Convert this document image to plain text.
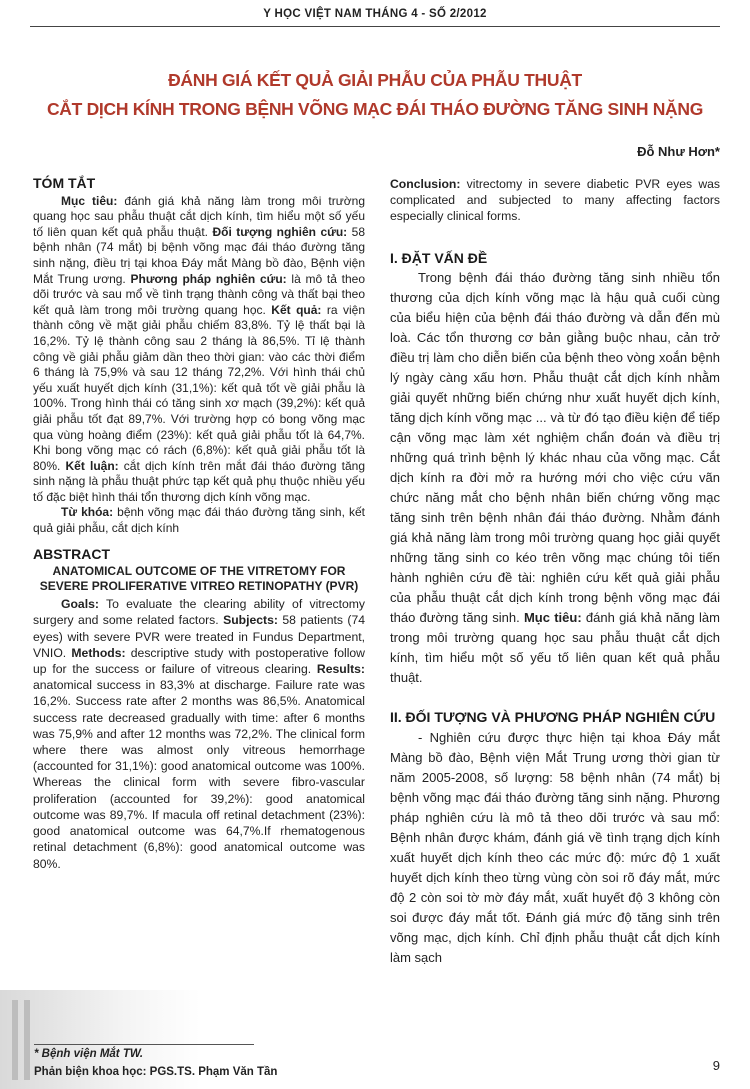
Y HỌC VIỆT NAM THÁNG 4 - SỐ 2/2012
ĐÁNH GIÁ KẾT QUẢ GIẢI PHẪU CỦA PHẪU THUẬT
CẮT DỊCH KÍNH TRONG BỆNH VÕNG MẠC ĐÁI THÁO ĐƯỜNG TĂNG SINH NẶNG
Đỗ Như Hơn*
TÓM TẮT

Mục tiêu: đánh giá khả năng làm trong môi trường quang học sau phẫu thuật cắt dịch kính, tìm hiểu một số yếu tố liên quan kết quả phẫu thuật. Đối tượng nghiên cứu: 58 bệnh nhân (74 mắt) bị bệnh võng mạc đái tháo đường tăng sinh nặng, điều trị tại khoa Đáy mắt Màng bồ đào, Bệnh viện Mắt Trung ương. Phương pháp nghiên cứu: là mô tả theo dõi trước và sau mổ về tình trạng thành công và thất bại theo kết quả làm trong môi trường quang học. Kết quả: ra viện thành công về mặt giải phẫu chiếm 83,8%. Tỷ lệ thất bại là 16,2%. Tỷ lệ thành công sau 2 tháng là 86,5%. Tỉ lệ thành công về giải phẫu giảm dần theo thời gian: vào các thời điểm 6 tháng là 75,9% và sau 12 tháng 72,2%. Với hình thái chủ yếu xuất huyết dịch kính (31,1%): kết quả tốt về giải phẫu là 100%. Trong hình thái có tăng sinh xơ mạch (39,2%): kết quả giải phẫu tốt đạt 89,7%. Với trường hợp có bong võng mạc qua vùng hoàng điểm (23%): kết quả giải phẫu tốt là 64,7%. Khi bong võng mạc có rách (6,8%): kết quả giải phẫu tốt là 80%. Kết luận: cắt dịch kính trên mắt đái tháo đường tăng sinh nặng là phẫu thuật phức tạp kết quả phụ thuộc nhiều yếu tố đặc biệt hình thái tổn thương dịch kính võng mạc.

Từ khóa: bệnh võng mạc đái tháo đường tăng sinh, kết quả giải phẫu, cắt dịch kính

ABSTRACT
ANATOMICAL OUTCOME OF THE VITRETOMY FOR SEVERE PROLIFERATIVE VITREO RETINOPATHY (PVR)

Goals: To evaluate the clearing ability of vitrectomy surgery and some related factors. Subjects: 58 patients (74 eyes) with severe PVR were treated in Fundus Department, VNIO. Methods: descriptive study with postoperative follow up for the success or failure of vitreous clearing. Results: anatomical success in 83,3% at discharge. Failure rate was 16,2%. Success rate after 2 months was 86,5%. Anatomical success rate decreased gradually with time: after 6 months was 75,9% and after 12 months was 72,2%. The clinical form where there was almost only vitreous hemorrhage (accounted for 31,1%): good anatomical outcome was 100%. Whereas the clinical form with severe fibro-vascular proliferation (accounted for 39,2%): good anatomical outcome was 89,7%. If macula off retinal detachment (23%): good anatomical outcome was 64,7%.If rhematogenous retinal detachment (6,8%): good anatomical outcome was 80%.

* Bệnh viện Mắt TW.
Phản biện khoa học: PGS.TS. Phạm Văn Tần

Conclusion: vitrectomy in severe diabetic PVR eyes was complicated and subjected to many affecting factors especially clinical forms.

I. ĐẶT VẤN ĐỀ

Trong bệnh đái tháo đường tăng sinh nhiều tổn thương của dịch kính võng mạc là hậu quả cuối cùng của biểu hiện của bệnh đái tháo đường và dẫn đến mù loà. Các tổn thương cơ bản giằng buộc nhau, cản trở điều trị làm cho diễn biến của bệnh theo vòng xoắn bệnh lý ngày càng xấu hơn. Phẫu thuật cắt dịch kính nhằm giải quyết những biến chứng như xuất huyết dịch kính, tăng dịch kính võng mạc ... và từ đó tạo điều kiện để tiếp cận võng mạc làm xét nghiệm chẩn đoán và điều trị những quá trình bệnh lý khác nhau của võng mạc. Cắt dịch kính ra đời mở ra hướng mới cho việc cứu vãn chức năng mắt cho bệnh nhân biến chứng võng mạc tăng sinh trên bệnh nhân đái tháo đường. Nhằm đánh giá khả năng làm trong môi trường quang học giải quyết những tăng sinh co kéo trên võng mạc chúng tôi tiến hành nghiên cứu đề tài: nghiên cứu kết quả giải phẫu của phẫu thuật cắt dịch kính trong bệnh võng mạc đái tháo đường tăng sinh. Mục tiêu: đánh giá khả năng làm trong môi trường quang học sau phẫu thuật cắt dịch kính, tìm hiểu một số yếu tố liên quan kết quả phẫu thuật.

II. ĐỐI TƯỢNG VÀ PHƯƠNG PHÁP NGHIÊN CỨU

- Nghiên cứu được thực hiện tại khoa Đáy mắt Màng bồ đào, Bệnh viện Mắt Trung ương thời gian từ năm 2005-2008, số lượng: 58 bệnh nhân (74 mắt) bị bệnh võng mạc đái tháo đường tăng sinh nặng. Phương pháp nghiên cứu là mô tả theo dõi trước và sau mổ: Bệnh nhân được khám, đánh giá về tình trạng dịch kính xuất huyết dịch kính theo các mức độ: mức độ 1 xuất huyết dịch kính theo từng vùng còn soi rõ đáy mắt, mức độ 2 còn soi tờ mờ đáy mắt, xuất huyết độ 3 không còn soi được đáy mắt tốt. Đánh giá mức độ tăng sinh trên võng mạc, dịch kính. Chỉ định phẫu thuật cắt dịch kính làm sạch

9
